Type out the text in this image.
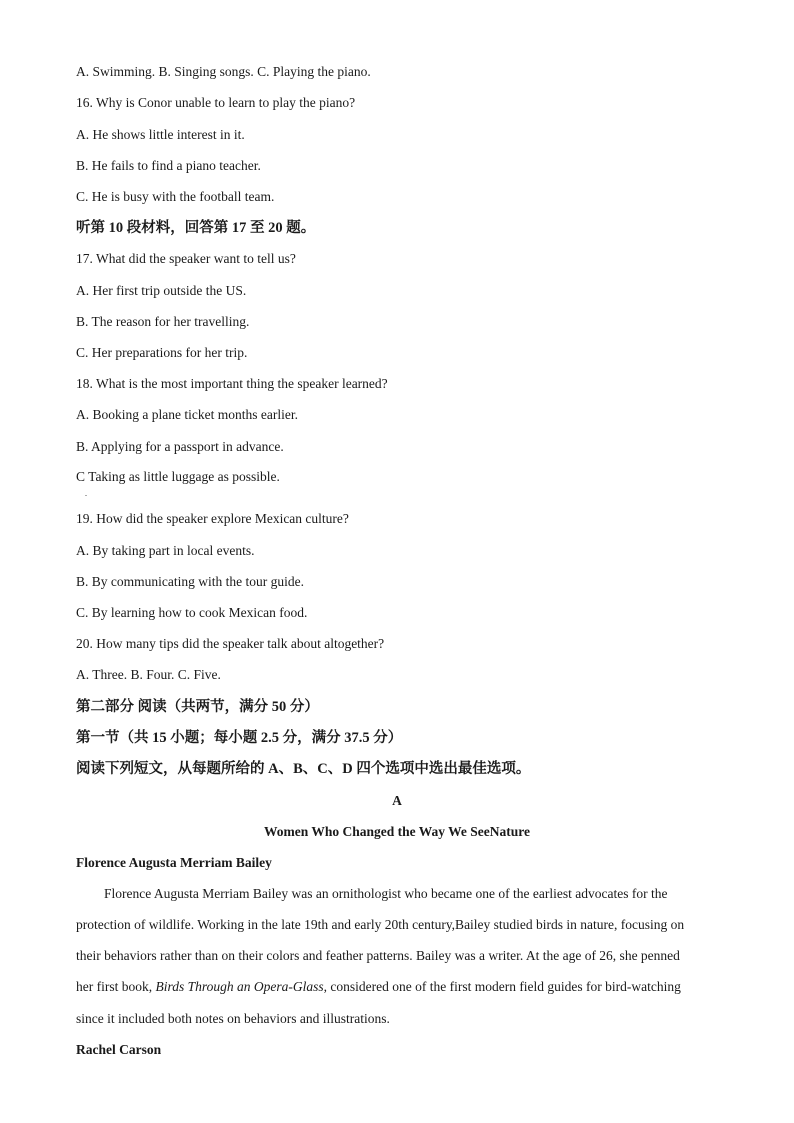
A. Swimming. B. Singing songs. C. Playing the piano.
16. Why is Conor unable to learn to play the piano?
A. He shows little interest in it.
B. He fails to find a piano teacher.
C. He is busy with the football team.
听第 10 段材料，回答第 17 至 20 题。
17. What did the speaker want to tell us?
A. Her first trip outside the US.
B. The reason for her travelling.
C. Her preparations for her trip.
18. What is the most important thing the speaker learned?
A. Booking a plane ticket months earlier.
B. Applying for a passport in advance.
C Taking as little luggage as possible.
.
19. How did the speaker explore Mexican culture?
A. By taking part in local events.
B. By communicating with the tour guide.
C. By learning how to cook Mexican food.
20. How many tips did the speaker talk about altogether?
A. Three. B. Four. C. Five.
第二部分 阅读（共两节，满分 50 分）
第一节（共 15 小题；每小题 2.5 分，满分 37.5 分）
阅读下列短文，从每题所给的 A、B、C、D 四个选项中选出最佳选项。
A
Women Who Changed the Way We SeeNature
Florence Augusta Merriam Bailey
Florence Augusta Merriam Bailey was an ornithologist who became one of the earliest advocates for the
protection of wildlife. Working in the late 19th and early 20th century,Bailey studied birds in nature, focusing on
their behaviors rather than on their colors and feather patterns. Bailey was a writer. At the age of 26, she penned
her first book, Birds Through an Opera-Glass, considered one of the first modern field guides for bird-watching
since it included both notes on behaviors and illustrations.
Rachel Carson
